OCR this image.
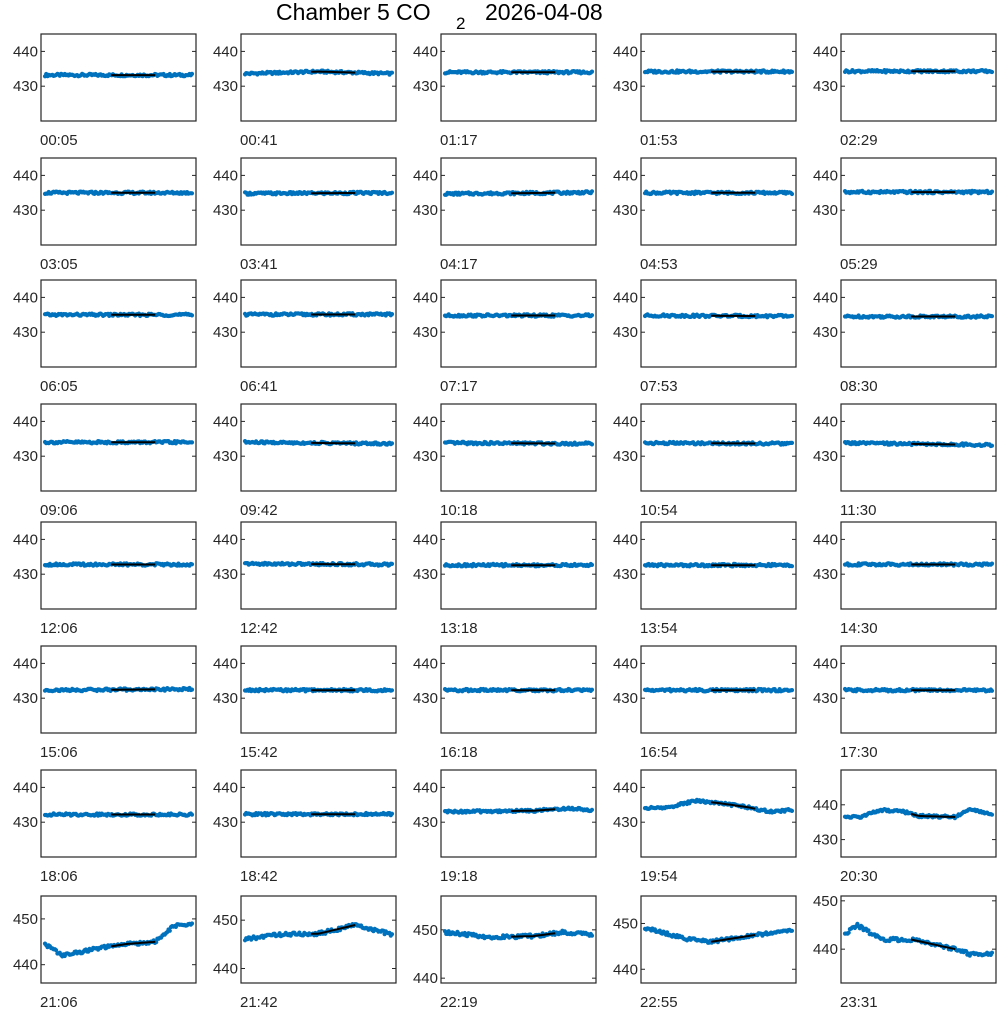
Chamber 5 CO 2 2026-04-08
430
440
00:05
430
440
00:41
430
440
01:17
430
440
01:53
430
440
02:29
430
440
03:05
430
440
03:41
430
440
04:17
430
440
04:53
430
440
05:29
430
440
06:05
430
440
06:41
430
440
07:17
430
440
07:53
430
440
08:30
430
440
09:06
430
440
09:42
430
440
10:18
430
440
10:54
430
440
11:30
430
440
12:06
430
440
12:42
430
440
13:18
430
440
13:54
430
440
14:30
430
440
15:06
430
440
15:42
430
440
16:18
430
440
16:54
430
440
17:30
430
440
18:06
430
440
18:42
430
440
19:18
430
440
19:54
430
440
20:30
440
450
21:06
440
450
21:42
440
450
22:19
440
450
22:55
440
450
23:31
